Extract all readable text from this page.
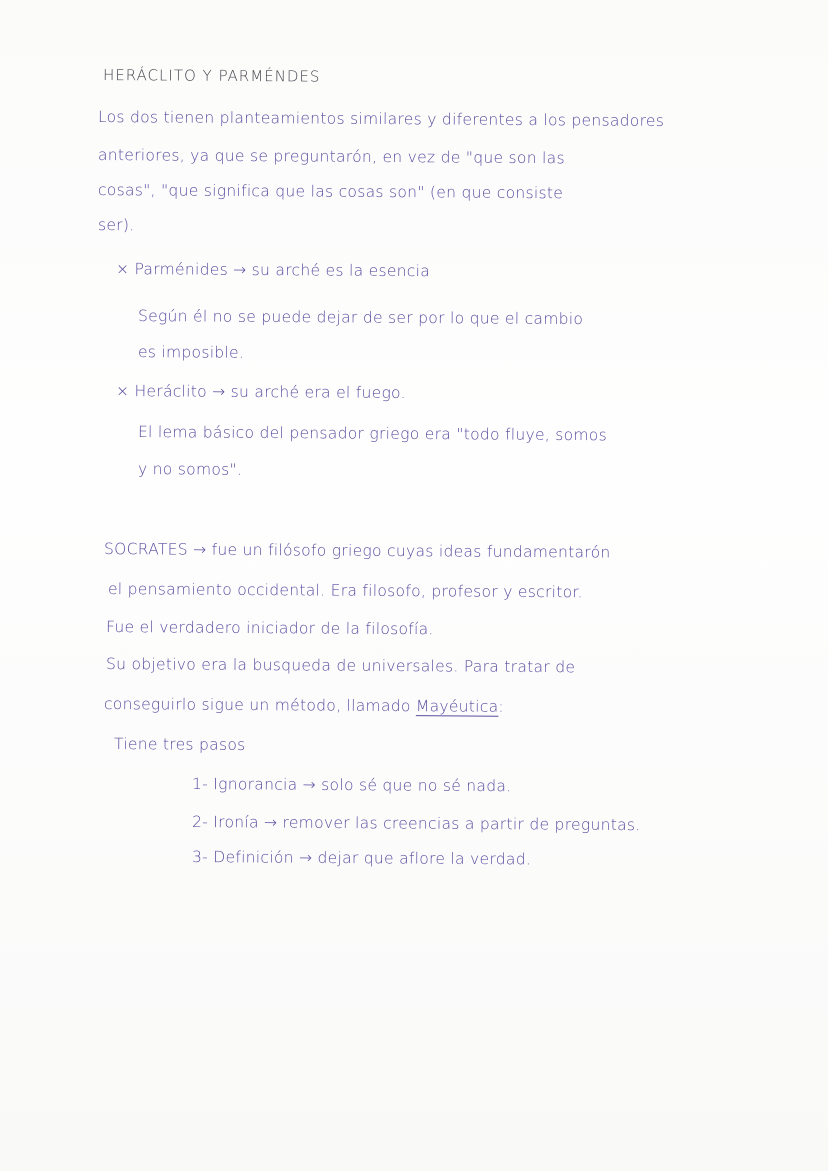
HERÁCLITO Y PARMÉNDES
Los dos tienen planteamientos similares y diferentes a los pensadores
anteriores, ya que se preguntarón, en vez de "que son las
cosas", "que significa que las cosas son" (en que consiste
ser).
× Parménides → su arché es la esencia
Según él no se puede dejar de ser por lo que el cambio
es imposible.
× Heráclito → su arché era el fuego.
El lema básico del pensador griego era "todo fluye, somos
y no somos".
SOCRATES → fue un filósofo griego cuyas ideas fundamentarón
el pensamiento occidental. Era filosofo, profesor y escritor.
Fue el verdadero iniciador de la filosofía.
Su objetivo era la busqueda de universales. Para tratar de
conseguirlo sigue un método, llamado Mayéutica:
Tiene tres pasos
1- Ignorancia → solo sé que no sé nada.
2- Ironía → remover las creencias a partir de preguntas.
3- Definición → dejar que aflore la verdad.
